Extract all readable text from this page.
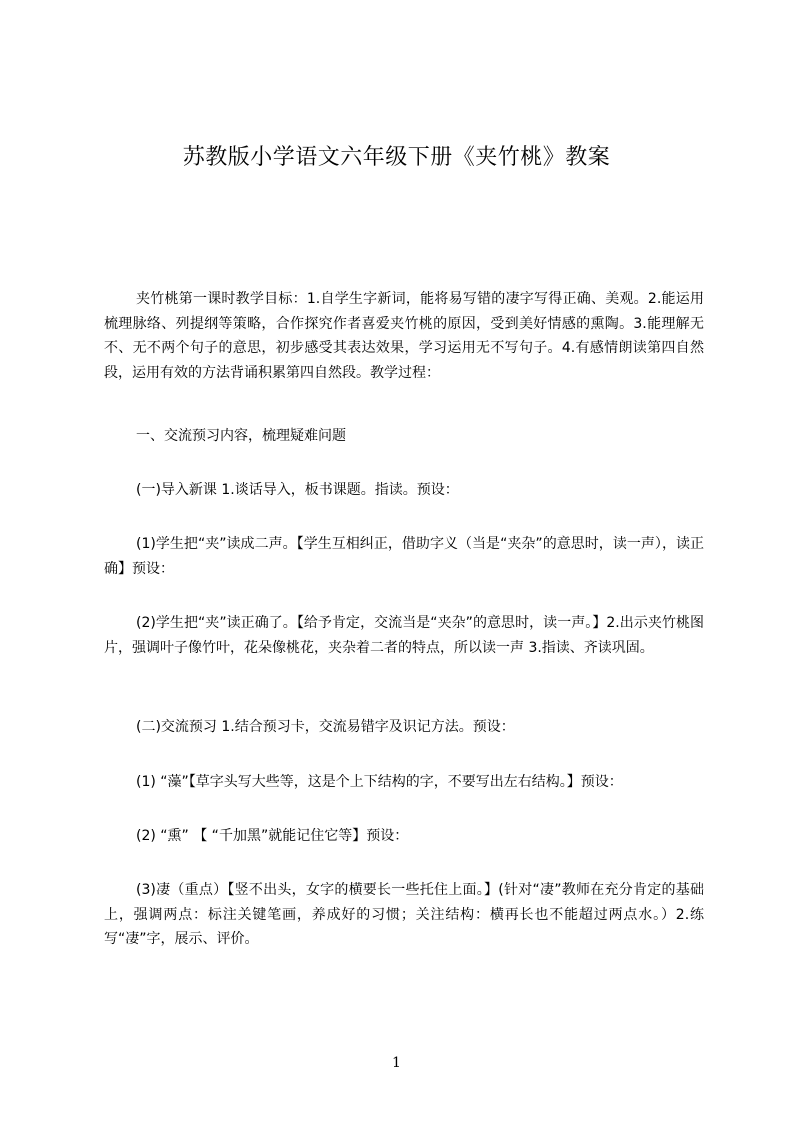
苏教版小学语文六年级下册《夹竹桃》教案

夹竹桃第一课时教学目标：1.自学生字新词，能将易写错的凄字写得正确、美观。2.能运用梳理脉络、列提纲等策略，合作探究作者喜爱夹竹桃的原因，受到美好情感的熏陶。3.能理解无不、无不两个句子的意思，初步感受其表达效果，学习运用无不写句子。4.有感情朗读第四自然段，运用有效的方法背诵积累第四自然段。教学过程：

一、交流预习内容，梳理疑难问题

(一)导入新课 1.谈话导入，板书课题。指读。预设：

(1)学生把“夹”读成二声。【学生互相纠正，借助字义（当是“夹杂”的意思时，读一声），读正确】预设：

(2)学生把“夹”读正确了。【给予肯定，交流当是“夹杂”的意思时，读一声。】2.出示夹竹桃图片，强调叶子像竹叶，花朵像桃花，夹杂着二者的特点，所以读一声 3.指读、齐读巩固。

(二)交流预习 1.结合预习卡，交流易错字及识记方法。预设：

(1) “藻”【草字头写大些等，这是个上下结构的字，不要写出左右结构。】预设：

(2) “熏” 【 “千加黑”就能记住它等】预设：

(3)凄（重点）【竖不出头，女字的横要长一些托住上面。】(针对“凄”教师在充分肯定的基础上，强调两点：标注关键笔画，养成好的习惯；关注结构：横再长也不能超过两点水。）2.练写“凄”字，展示、评价。

1
